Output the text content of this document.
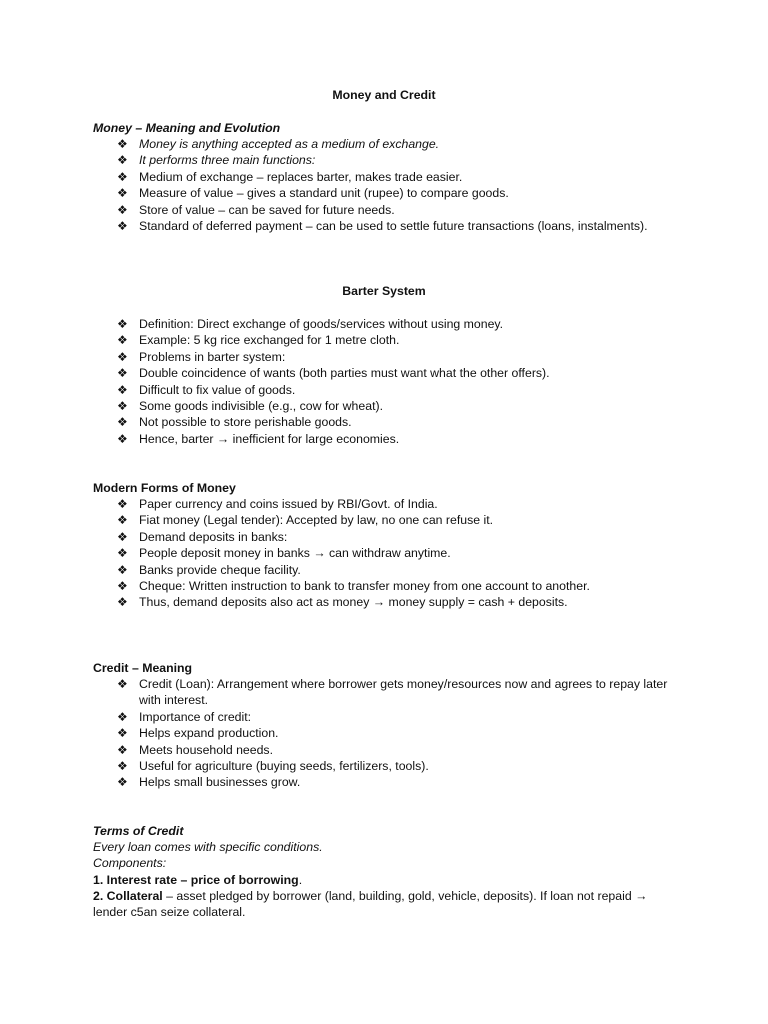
Money and Credit
Money – Meaning and Evolution
❖ Money is anything accepted as a medium of exchange.
❖ It performs three main functions:
❖ Medium of exchange – replaces barter, makes trade easier.
❖ Measure of value – gives a standard unit (rupee) to compare goods.
❖ Store of value – can be saved for future needs.
❖ Standard of deferred payment – can be used to settle future transactions (loans, instalments).
Barter System
❖ Definition: Direct exchange of goods/services without using money.
❖ Example: 5 kg rice exchanged for 1 metre cloth.
❖ Problems in barter system:
❖ Double coincidence of wants (both parties must want what the other offers).
❖ Difficult to fix value of goods.
❖ Some goods indivisible (e.g., cow for wheat).
❖ Not possible to store perishable goods.
❖ Hence, barter → inefficient for large economies.
Modern Forms of Money
❖ Paper currency and coins issued by RBI/Govt. of India.
❖ Fiat money (Legal tender): Accepted by law, no one can refuse it.
❖ Demand deposits in banks:
❖ People deposit money in banks → can withdraw anytime.
❖ Banks provide cheque facility.
❖ Cheque: Written instruction to bank to transfer money from one account to another.
❖ Thus, demand deposits also act as money → money supply = cash + deposits.
Credit – Meaning
❖ Credit (Loan): Arrangement where borrower gets money/resources now and agrees to repay later with interest.
❖ Importance of credit:
❖ Helps expand production.
❖ Meets household needs.
❖ Useful for agriculture (buying seeds, fertilizers, tools).
❖ Helps small businesses grow.
Terms of Credit
Every loan comes with specific conditions.
Components:
1. Interest rate – price of borrowing.
2. Collateral – asset pledged by borrower (land, building, gold, vehicle, deposits). If loan not repaid → lender c5an seize collateral.
